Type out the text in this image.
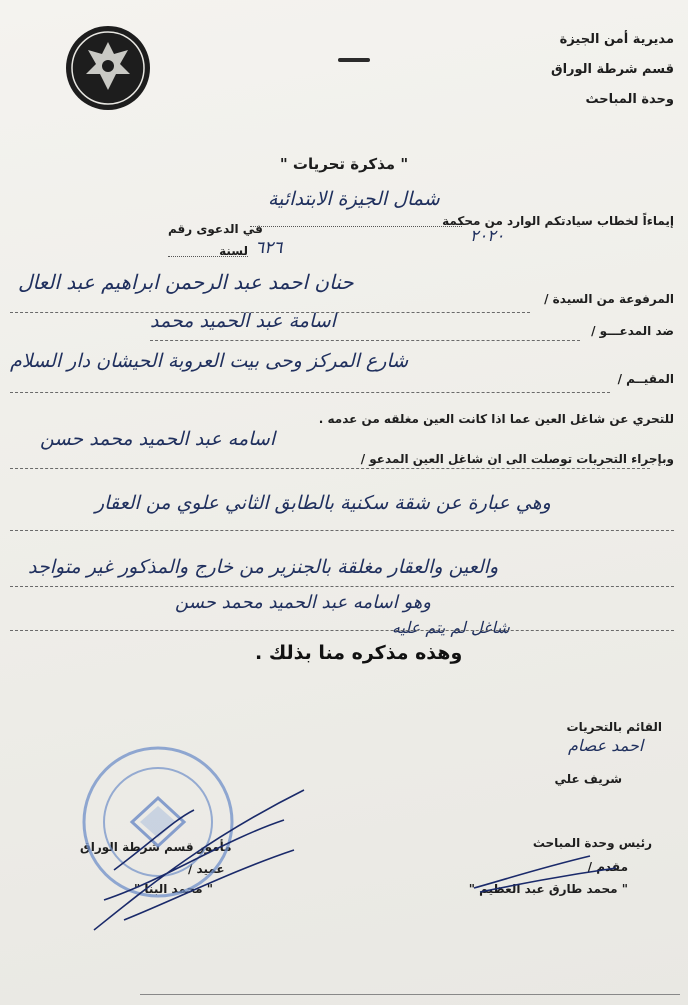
مديرية أمن الجيزة
قسم شرطة الوراق
وحدة المباحث
" مذكرة تحريات "
إيماءاً لخطاب سيادتكم الوارد من محكمة
شمال الجيزة الابتدائية
في الدعوى رقم
لسنة ٦٢٦
٢٠٢٠
المرفوعة من السيدة /
حنان احمد عبد الرحمن ابراهيم عبد العال
ضد المدعـــو /
اسامة عبد الحميد محمد
المقيــم /
شارع المركز وحى بيت العروبة الحيشان دار السلام
للتحري عن شاغل العين عما اذا كانت العين مغلقه من عدمه .
وبإجراء التحريات توصلت الى ان شاغل العين المدعو /
اسامه عبد الحميد محمد حسن
وهي عبارة عن شقة سكنية بالطابق الثاني علوي من العقار
والعين والعقار مغلقة بالجنزير من خارج والمذكور غير متواجد
وهو اسامه عبد الحميد محمد حسن
شاغل لم يتم عليه
وهذه مذكره منا بذلك .
القائم بالتحريات
احمد عصام
شريف علي
رئيس وحدة المباحث
مقدم /
" محمد طارق عبد العظيم "
مأمور قسم شرطة الوراق
عميد /
" محمد البنا "
